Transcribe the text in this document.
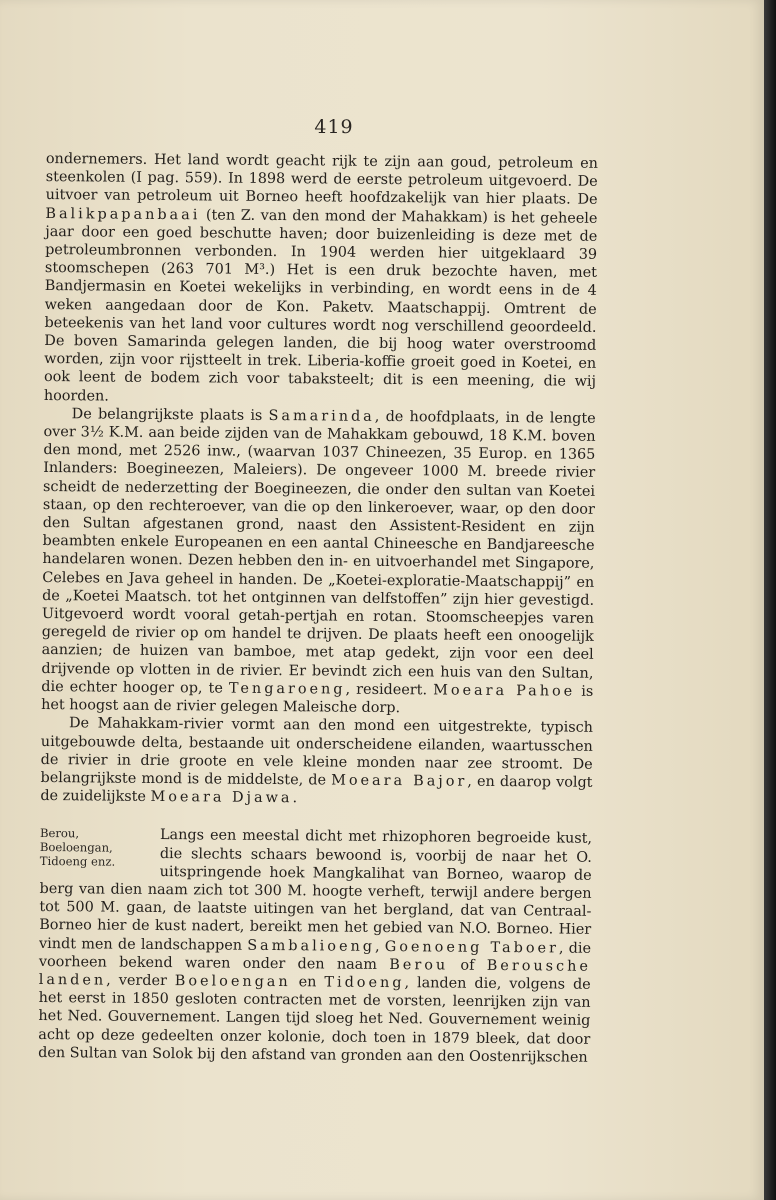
419

ondernemers. Het land wordt geacht rijk te zijn aan goud, petroleum en steenkolen (I pag. 559). In 1898 werd de eerste petroleum uitgevoerd. De uitvoer van petroleum uit Borneo heeft hoofdzakelijk van hier plaats. De Balikpapanbaai (ten Z. van den mond der Mahakkam) is het geheele jaar door een goed beschutte haven; door buizenleiding is deze met de petroleumbronnen verbonden. In 1904 werden hier uitgeklaard 39 stoomschepen (263 701 M³.) Het is een druk bezochte haven, met Bandjermasin en Koetei wekelijks in verbinding, en wordt eens in de 4 weken aangedaan door de Kon. Paketv. Maatschappij. Omtrent de beteekenis van het land voor cultures wordt nog verschillend geoordeeld. De boven Samarinda gelegen landen, die bij hoog water overstroomd worden, zijn voor rijstteelt in trek. Liberia-koffie groeit goed in Koetei, en ook leent de bodem zich voor tabaksteelt; dit is een meening, die wij hoorden.

De belangrijkste plaats is Samarinda, de hoofdplaats, in de lengte over 3½ K.M. aan beide zijden van de Mahakkam gebouwd, 18 K.M. boven den mond, met 2526 inw., (waarvan 1037 Chineezen, 35 Europ. en 1365 Inlanders: Boegineezen, Maleiers). De ongeveer 1000 M. breede rivier scheidt de nederzetting der Boegineezen, die onder den sultan van Koetei staan, op den rechteroever, van die op den linkeroever, waar, op den door den Sultan afgestanen grond, naast den Assistent-Resident en zijn beambten enkele Europeanen en een aantal Chineesche en Bandjareesche handelaren wonen. Dezen hebben den in- en uitvoerhandel met Singapore, Celebes en Java geheel in handen. De „Koetei-exploratie-Maatschappij” en de „Koetei Maatsch. tot het ontginnen van delfstoffen” zijn hier gevestigd. Uitgevoerd wordt vooral getah-pertjah en rotan. Stoomscheepjes varen geregeld de rivier op om handel te drijven. De plaats heeft een onoogelijk aanzien; de huizen van bamboe, met atap gedekt, zijn voor een deel drijvende op vlotten in de rivier. Er bevindt zich een huis van den Sultan, die echter hooger op, te Tengaroeng, resideert. Moeara Pahoe is het hoogst aan de rivier gelegen Maleische dorp.

De Mahakkam-rivier vormt aan den mond een uitgestrekte, typisch uitgebouwde delta, bestaande uit onderscheidene eilanden, waartusschen de rivier in drie groote en vele kleine monden naar zee stroomt. De belangrijkste mond is de middelste, de Moeara Bajor, en daarop volgt de zuidelijkste Moeara Djawa.

Berou, Boeloengan, Tidoeng enz.

Langs een meestal dicht met rhizophoren begroeide kust, die slechts schaars bewoond is, voorbij de naar het O. uitspringende hoek Mangkalihat van Borneo, waarop de berg van dien naam zich tot 300 M. hoogte verheft, terwijl andere bergen tot 500 M. gaan, de laatste uitingen van het bergland, dat van Centraal-Borneo hier de kust nadert, bereikt men het gebied van N.O. Borneo. Hier vindt men de landschappen Sambalioeng, Goenoeng Taboer, die voorheen bekend waren onder den naam Berou of Berousche landen, verder Boeloengan en Tidoeng, landen die, volgens de het eerst in 1850 gesloten contracten met de vorsten, leenrijken zijn van het Ned. Gouvernement. Langen tijd sloeg het Ned. Gouvernement weinig acht op deze gedeelten onzer kolonie, doch toen in 1879 bleek, dat door den Sultan van Solok bij den afstand van gronden aan den Oostenrijkschen
